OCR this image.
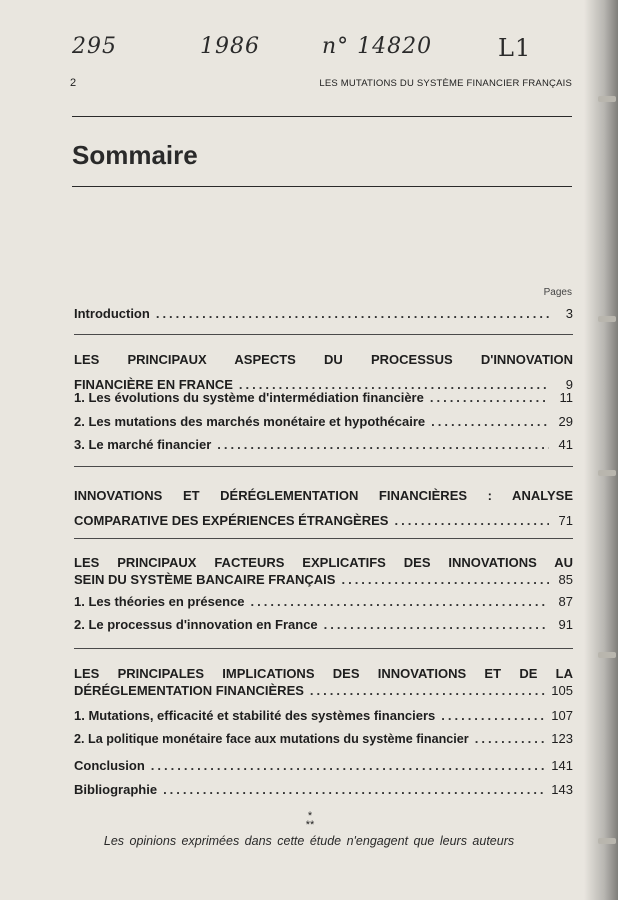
295	1986	n° 14820	L1
2	LES MUTATIONS DU SYSTÈME FINANCIER FRANÇAIS
Sommaire
Pages
Introduction .....	3
LES PRINCIPAUX ASPECTS DU PROCESSUS D'INNOVATION
FINANCIÈRE EN FRANCE .....	9
1. Les évolutions du système d'intermédiation financière .....	11
2. Les mutations des marchés monétaire et hypothécaire .....	29
3. Le marché financier .....	41
INNOVATIONS ET DÉRÉGLEMENTATION FINANCIÈRES : ANALYSE
COMPARATIVE DES EXPÉRIENCES ÉTRANGÈRES .....	71
LES PRINCIPAUX FACTEURS EXPLICATIFS DES INNOVATIONS AU
SEIN DU SYSTÈME BANCAIRE FRANÇAIS .....	85
1. Les théories en présence .....	87
2. Le processus d'innovation en France .....	91
LES PRINCIPALES IMPLICATIONS DES INNOVATIONS ET DE LA
DÉRÉGLEMENTATION FINANCIÈRES .....	105
1. Mutations, efficacité et stabilité des systèmes financiers .....	107
2. La politique monétaire face aux mutations du système financier .....	123
Conclusion .....	141
Bibliographie .....	143
*
**
Les opinions exprimées dans cette étude n'engagent que leurs auteurs
